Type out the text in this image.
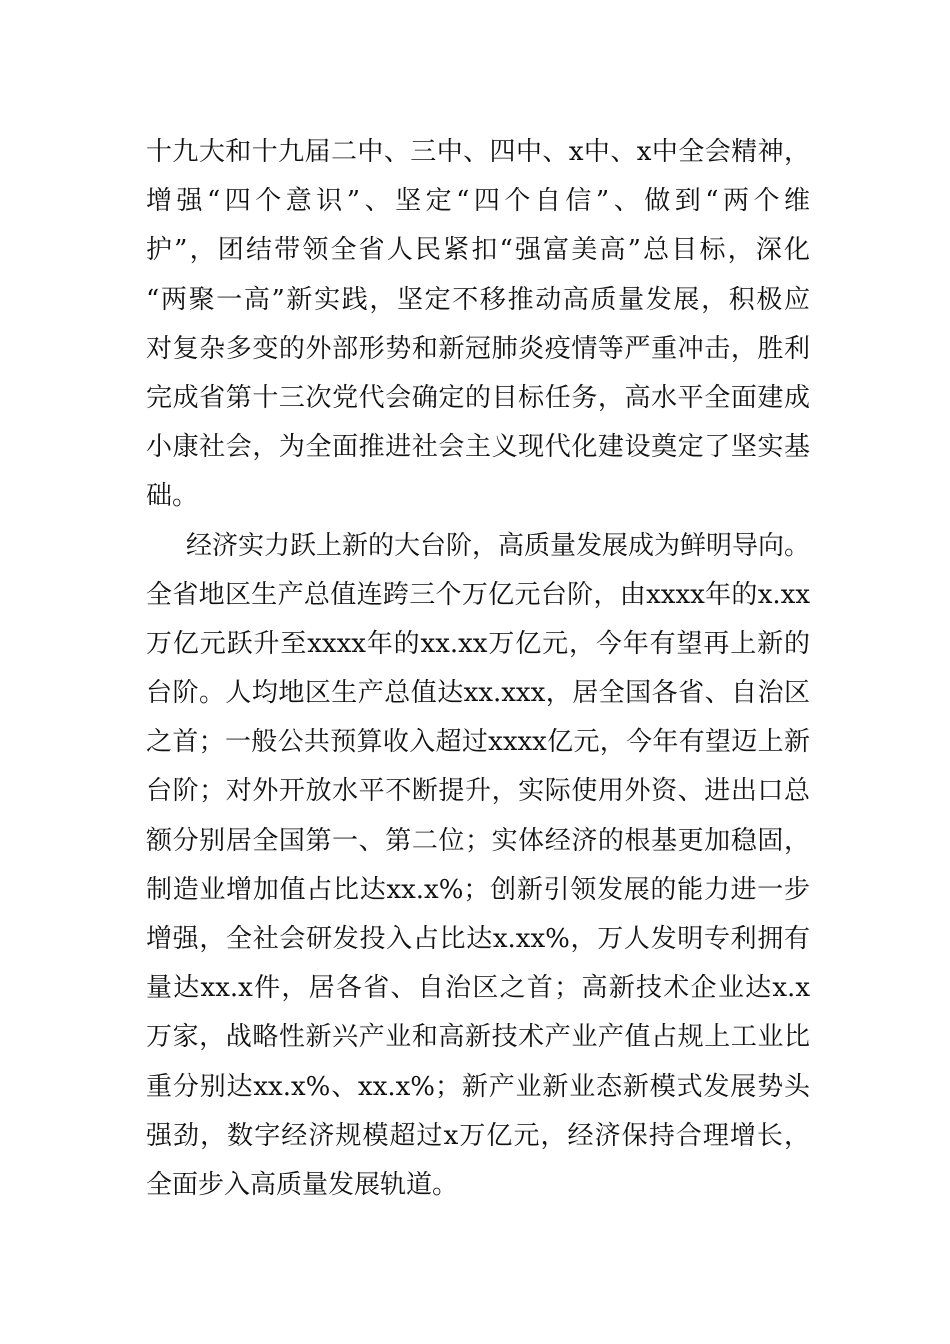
十九大和十九届二中、三中、四中、x中、x中全会精神，
增强“四个意识”、坚定“四个自信”、做到“两个维
护”，团结带领全省人民紧扣“强富美高”总目标，深化
“两聚一高”新实践，坚定不移推动高质量发展，积极应
对复杂多变的外部形势和新冠肺炎疫情等严重冲击，胜利
完成省第十三次党代会确定的目标任务，高水平全面建成
小康社会，为全面推进社会主义现代化建设奠定了坚实基
础。
经济实力跃上新的大台阶，高质量发展成为鲜明导向。
全省地区生产总值连跨三个万亿元台阶，由xxxx年的x.xx
万亿元跃升至xxxx年的xx.xx万亿元，今年有望再上新的
台阶。人均地区生产总值达xx.xxx，居全国各省、自治区
之首；一般公共预算收入超过xxxx亿元，今年有望迈上新
台阶；对外开放水平不断提升，实际使用外资、进出口总
额分别居全国第一、第二位；实体经济的根基更加稳固，
制造业增加值占比达xx.x%；创新引领发展的能力进一步
增强，全社会研发投入占比达x.xx%，万人发明专利拥有
量达xx.x件，居各省、自治区之首；高新技术企业达x.x
万家，战略性新兴产业和高新技术产业产值占规上工业比
重分别达xx.x%、xx.x%；新产业新业态新模式发展势头
强劲，数字经济规模超过x万亿元，经济保持合理增长，
全面步入高质量发展轨道。
